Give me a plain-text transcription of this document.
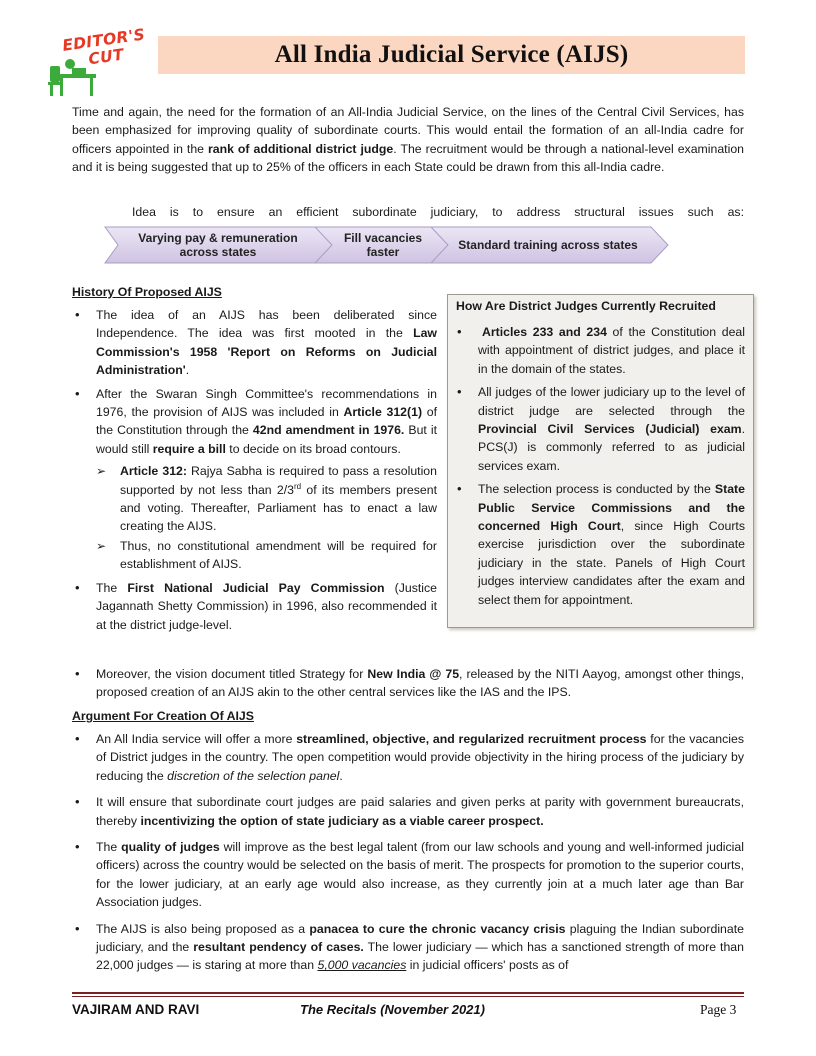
EDITOR'S CUT	All India Judicial Service (AIJS)

Time and again, the need for the formation of an All-India Judicial Service, on the lines of the Central Civil Services, has been emphasized for improving quality of subordinate courts. This would entail the formation of an all-India cadre for officers appointed in the rank of additional district judge. The recruitment would be through a national-level examination and it is being suggested that up to 25% of the officers in each State could be drawn from this all-India cadre.

Idea is to ensure an efficient subordinate judiciary, to address structural issues such as:
Varying pay & remuneration across states
Fill vacancies faster	Standard training across states
History Of Proposed AIJS
• The idea of an AIJS has been deliberated since Independence. The idea was first mooted in the Law Commission's 1958 'Report on Reforms on Judicial Administration'.
• After the Swaran Singh Committee's recommendations in 1976, the provision of AIJS was included in Article 312(1) of the Constitution through the 42nd amendment in 1976. But it would still require a bill to decide on its broad contours.
➢ Article 312: Rajya Sabha is required to pass a resolution supported by not less than 2/3rd of its members present and voting. Thereafter, Parliament has to enact a law creating the AIJS.
➢ Thus, no constitutional amendment will be required for establishment of AIJS.
• The First National Judicial Pay Commission (Justice Jagannath Shetty Commission) in 1996, also recommended it at the district judge-level.
How Are District Judges Currently Recruited
• Articles 233 and 234 of the Constitution deal with appointment of district judges, and place it in the domain of the states.
• All judges of the lower judiciary up to the level of district judge are selected through the Provincial Civil Services (Judicial) exam. PCS(J) is commonly referred to as judicial services exam.
• The selection process is conducted by the State Public Service Commissions and the concerned High Court, since High Courts exercise jurisdiction over the subordinate judiciary in the state. Panels of High Court judges interview candidates after the exam and select them for appointment.
• Moreover, the vision document titled Strategy for New India @ 75, released by the NITI Aayog, amongst other things, proposed creation of an AIJS akin to the other central services like the IAS and the IPS.
Argument For Creation Of AIJS
• An All India service will offer a more streamlined, objective, and regularized recruitment process for the vacancies of District judges in the country. The open competition would provide objectivity in the hiring process of the judiciary by reducing the discretion of the selection panel.
• It will ensure that subordinate court judges are paid salaries and given perks at parity with government bureaucrats, thereby incentivizing the option of state judiciary as a viable career prospect.
• The quality of judges will improve as the best legal talent (from our law schools and young and well-informed judicial officers) across the country would be selected on the basis of merit. The prospects for promotion to the superior courts, for the lower judiciary, at an early age would also increase, as they currently join at a much later age than Bar Association judges.
• The AIJS is also being proposed as a panacea to cure the chronic vacancy crisis plaguing the Indian subordinate judiciary, and the resultant pendency of cases. The lower judiciary — which has a sanctioned strength of more than 22,000 judges — is staring at more than 5,000 vacancies in judicial officers' posts as of
VAJIRAM AND RAVI	The Recitals (November 2021)	Page 3
